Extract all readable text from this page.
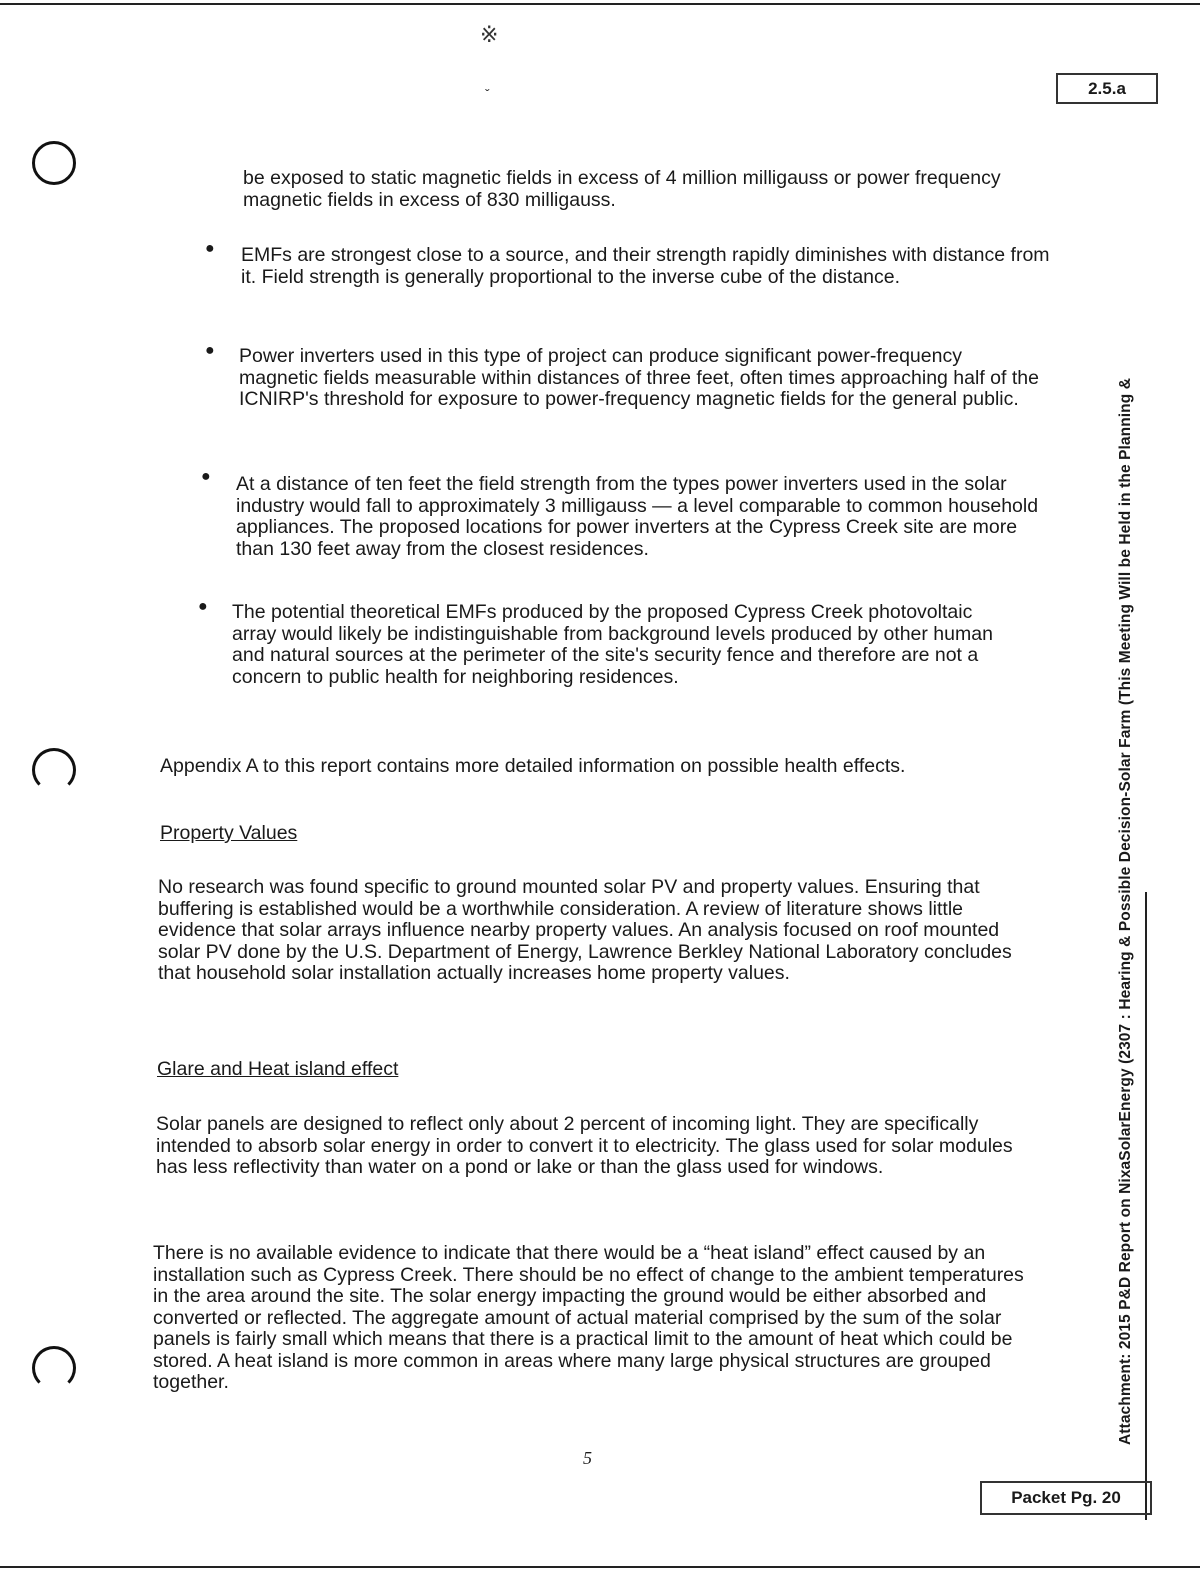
※
ˇ	2.5.a
Attachment: 2015 P&D Report on NixaSolarEnergy (2307 : Hearing & Possible Decision-Solar Farm (This Meeting Will be Held in the Planning &

be exposed to static magnetic fields in excess of 4 million milligauss or power frequency magnetic fields in excess of 830 milligauss.

● EMFs are strongest close to a source, and their strength rapidly diminishes with distance from it. Field strength is generally proportional to the inverse cube of the distance.

● Power inverters used in this type of project can produce significant power-frequency magnetic fields measurable within distances of three feet, often times approaching half of the ICNIRP's threshold for exposure to power-frequency magnetic fields for the general public.

● At a distance of ten feet the field strength from the types power inverters used in the solar industry would fall to approximately 3 milligauss — a level comparable to common household appliances. The proposed locations for power inverters at the Cypress Creek site are more than 130 feet away from the closest residences.

● The potential theoretical EMFs produced by the proposed Cypress Creek photovoltaic array would likely be indistinguishable from background levels produced by other human and natural sources at the perimeter of the site's security fence and therefore are not a concern to public health for neighboring residences.

Appendix A to this report contains more detailed information on possible health effects.

Property Values

No research was found specific to ground mounted solar PV and property values. Ensuring that buffering is established would be a worthwhile consideration. A review of literature shows little evidence that solar arrays influence nearby property values. An analysis focused on roof mounted solar PV done by the U.S. Department of Energy, Lawrence Berkley National Laboratory concludes that household solar installation actually increases home property values.

Glare and Heat island effect

Solar panels are designed to reflect only about 2 percent of incoming light. They are specifically intended to absorb solar energy in order to convert it to electricity. The glass used for solar modules has less reflectivity than water on a pond or lake or than the glass used for windows.

There is no available evidence to indicate that there would be a “heat island” effect caused by an installation such as Cypress Creek. There should be no effect of change to the ambient temperatures in the area around the site. The solar energy impacting the ground would be either absorbed and converted or reflected. The aggregate amount of actual material comprised by the sum of the solar panels is fairly small which means that there is a practical limit to the amount of heat which could be stored. A heat island is more common in areas where many large physical structures are grouped together.

5
Packet Pg. 20
